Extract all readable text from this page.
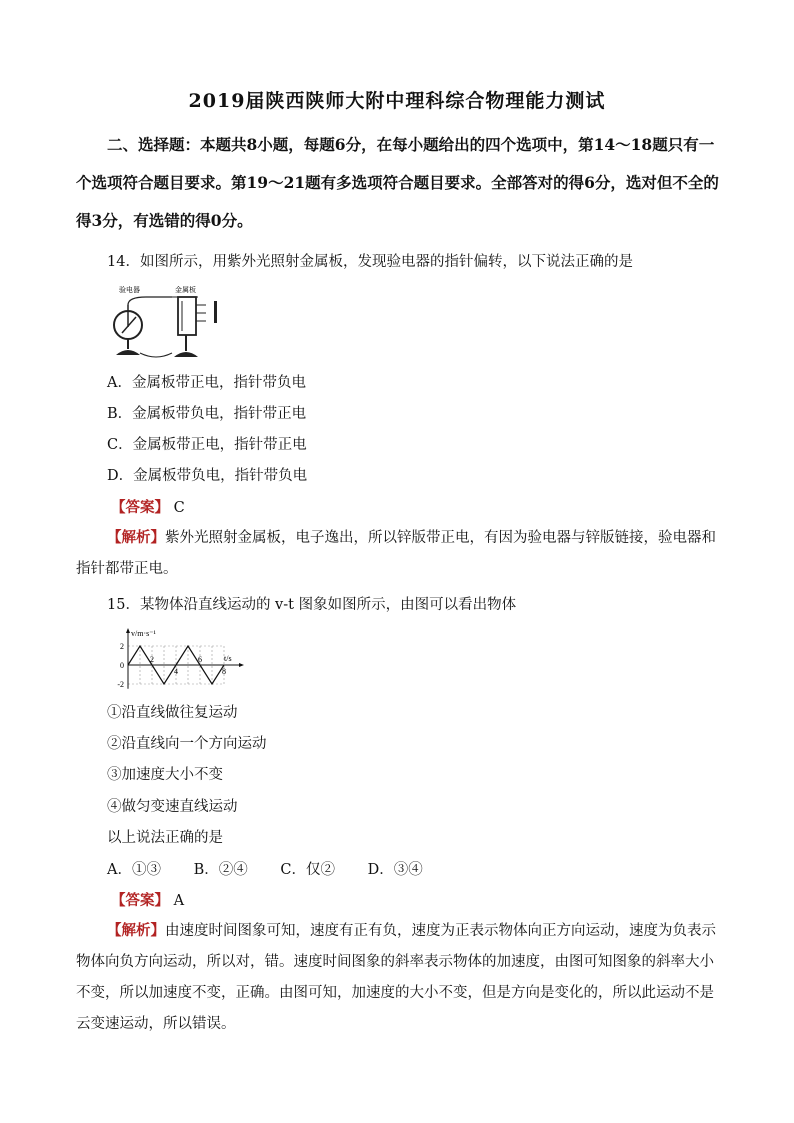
2019届陕西陕师大附中理科综合物理能力测试
二、选择题：本题共8小题，每题6分，在每小题给出的四个选项中，第14～18题只有一个选项符合题目要求。第19～21题有多选项符合题目要求。全部答对的得6分，选对但不全的得3分，有选错的得0分。
14．如图所示，用紫外光照射金属板，发现验电器的指针偏转，以下说法正确的是
验电器	金属板
A．金属板带正电，指针带负电
B．金属板带负电，指针带正电
C．金属板带正电，指针带正电
D．金属板带负电，指针带负电
【答案】 C
【解析】紫外光照射金属板，电子逸出，所以锌版带正电，有因为验电器与锌版链接，验电器和指针都带正电。
15．某物体沿直线运动的 v-t 图象如图所示，由图可以看出物体
v/m·s⁻¹
t/s
2
0
-2
2
4
6
8
①沿直线做往复运动
②沿直线向一个方向运动
③加速度大小不变
④做匀变速直线运动
以上说法正确的是
A．①③ B．②④ C．仅② D．③④
【答案】 A
【解析】由速度时间图象可知，速度有正有负，速度为正表示物体向正方向运动，速度为负表示物体向负方向运动，所以对，错。速度时间图象的斜率表示物体的加速度，由图可知图象的斜率大小不变，所以加速度不变，正确。由图可知，加速度的大小不变，但是方向是变化的，所以此运动不是云变速运动，所以错误。
